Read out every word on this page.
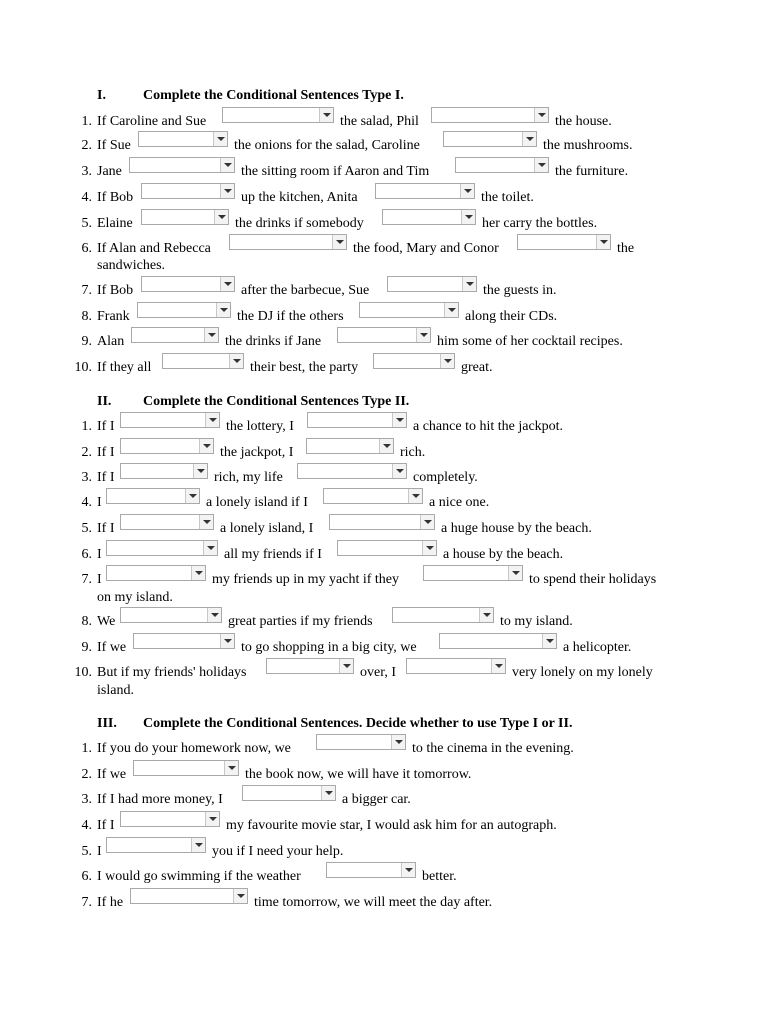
I.	Complete the Conditional Sentences Type I.
1. If Caroline and Sue	the salad, Phil	the house.
2. If Sue	the onions for the salad, Caroline	the mushrooms.
3. Jane	the sitting room if Aaron and Tim	the furniture.
4. If Bob	up the kitchen, Anita	the toilet.
5. Elaine	the drinks if somebody	her carry the bottles.
6. If Alan and Rebecca	the food, Mary and Conor	the
sandwiches.
7. If Bob	after the barbecue, Sue	the guests in.
8. Frank	the DJ if the others	along their CDs.
9. Alan	the drinks if Jane	him some of her cocktail recipes.
10. If they all	their best, the party	great.
II. Complete the Conditional Sentences Type II.
1. If I	the lottery, I	a chance to hit the jackpot.
2. If I	the jackpot, I	rich.
3. If I	rich, my life	completely.
4. I	a lonely island if I	a nice one.
5. If I	a lonely island, I	a huge house by the beach.
6. I	all my friends if I	a house by the beach.
7. I	my friends up in my yacht if they	to spend their holidays
on my island.
8. We	great parties if my friends	to my island.
9. If we	to go shopping in a big city, we	a helicopter.
10. But if my friends' holidays	over, I	very lonely on my lonely
island.
III. Complete the Conditional Sentences. Decide whether to use Type I or II.
1. If you do your homework now, we	to the cinema in the evening.
2. If we	the book now, we will have it tomorrow.
3. If I had more money, I	a bigger car.
4. If I	my favourite movie star, I would ask him for an autograph.
5. I	you if I need your help.
6. I would go swimming if the weather	better.
7. If he	time tomorrow, we will meet the day after.
